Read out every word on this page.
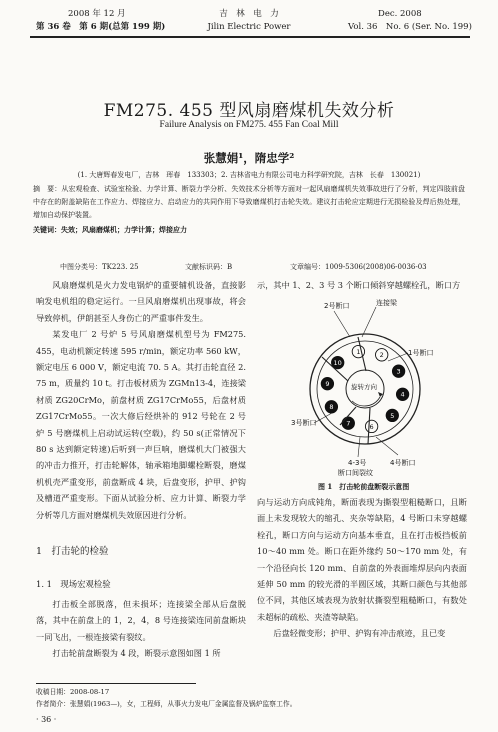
2008 年 12 月
第 36 卷　第 6 期(总第 199 期)
吉　林　电　力
Jilin Electric Power
Dec. 2008
Vol. 36　No. 6 (Ser. No. 199)
FM275. 455 型风扇磨煤机失效分析
Failure Analysis on FM275. 455 Fan Coal Mill
张慧娟¹，隋忠学²
(1. 大唐辉春发电厂，吉林　珲春　133303；2. 吉林省电力有限公司电力科学研究院，吉林　长春　130021)
摘　要：从宏观检查、试验室检验、力学计算、断裂力学分析、失效技术分析等方面对一起风扇磨煤机失效事故进行了分析，判定四肢前盘中存在的附盖缺陷在工作应力、焊接应力、启动应力的共同作用下导致磨煤机打击轮失效。建议打击轮应定期进行无损检验及焊后热处理，增加自动保护装置。
关键词：失效；风扇磨煤机；力学计算；焊接应力
中图分类号：TK223. 25	文献标识码：B	文章编号：1009-5306(2008)06-0036-03

风扇磨煤机是火力发电锅炉的重要辅机设备，直接影响发电机组的稳定运行。一旦风扇磨煤机出现事故，将会导致停机，伊朗甚至人身伤亡的严重事件发生。

某发电厂 2 号炉 5 号风扇磨煤机型号为 FM275. 455，电动机额定转速 595 r/min，额定功率 560 kW，额定电压 6 000 V，额定电流 70. 5 A。其打击轮直径 2. 75 m，质量约 10 t。打击板材质为 ZGMn13-4，连接梁材质 ZG20CrMo，前盘材质 ZG17CrMo55，后盘材质 ZG17CrMo55。一次大修后经烘补的 912 号轮在 2 号炉 5 号磨煤机上启动试运转(空载)，约 50 s(正常情况下 80 s 达到额定转速)后听到一声巨响，磨煤机大门被强大的冲击力推开，打击轮解体，轴承箱地脚螺栓断裂，磨煤机机壳严重变形，前盘断成 4 块，后盘变形，护甲、护钩及槽道严重变形。下面从试验分析、应力计算、断裂力学分析等几方面对磨煤机失效原因进行分析。

1　打击轮的检验
1. 1　现场宏观检验

打击板全部脱落，但未损坏；连接梁全部从后盘脱落，其中在前盘上的 1，2，4，8 号连接梁连同前盘断块一同飞出，一根连接梁有裂纹。

打击轮前盘断裂为 4 段，断裂示意图如图 1 所

示，其中 1、2、3 号 3 个断口倾斜穿越螺栓孔，断口方
1	2
3
4
5
6
7
8
9
10
2号断口	连接梁
1号断口
3号断口
旋转方向
4-3号	4号断口
断口间裂纹
图 1　打击轮前盘断裂示意图
向与运动方向成钝角，断面表现为撕裂型粗糙断口，且断面上未发现较大的缩孔、夹杂等缺陷，4 号断口未穿越螺栓孔，断口方向与运动方向基本垂直，且在打击板挡板前 10～40 mm 处。断口在距外缘约 50～170 mm 处，有一个沿径向长 120 mm、自前盘的外表面堆焊层向内表面延伸 50 mm 的较光滑的半圆区域，其断口颜色与其他部位不同，其他区域表现为放射状撕裂型粗糙断口，有数处未超标的疏松、夹渣等缺陷。

后盘轻微变形；护甲、护钩有冲击痕迹，且已变

收稿日期：2008-08-17
作者简介：张慧娟(1963—)，女，工程师，从事火力发电厂金属监督及锅炉监察工作。
· 36 ·
